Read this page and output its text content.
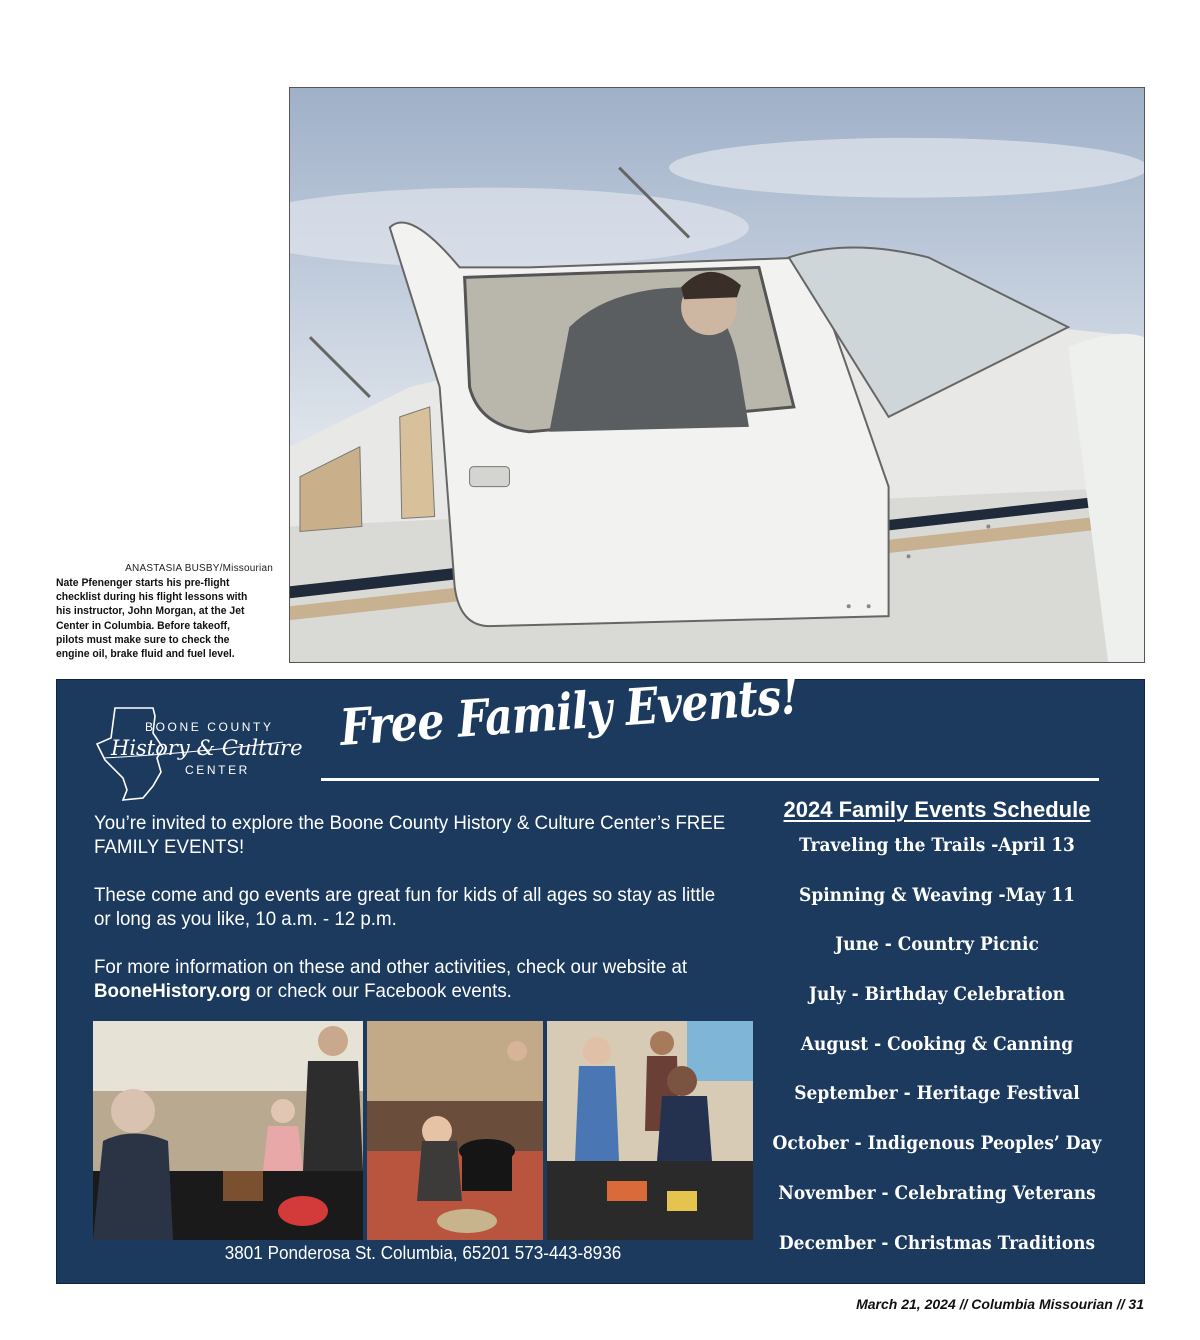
ANASTASIA BUSBY/Missourian
Nate Pfenenger starts his pre-flight checklist during his flight lessons with his instructor, John Morgan, at the Jet Center in Columbia. Before takeoff, pilots must make sure to check the engine oil, brake fluid and fuel level.
BOONE COUNTY
History & Culture
CENTER
Free Family Events!

You’re invited to explore the Boone County History & Culture Center’s FREE FAMILY EVENTS!

These come and go events are great fun for kids of all ages so stay as little or long as you like, 10 a.m. - 12 p.m.

For more information on these and other activities, check our website at BooneHistory.org or check our Facebook events.

3801 Ponderosa St. Columbia, 65201 573-443-8936
2024 Family Events Schedule
Traveling the Trails -April 13
Spinning & Weaving -May 11
June - Country Picnic
July - Birthday Celebration
August - Cooking & Canning
September - Heritage Festival
October - Indigenous Peoples’ Day
November - Celebrating Veterans
December - Christmas Traditions
March 21, 2024 // Columbia Missourian // 31
